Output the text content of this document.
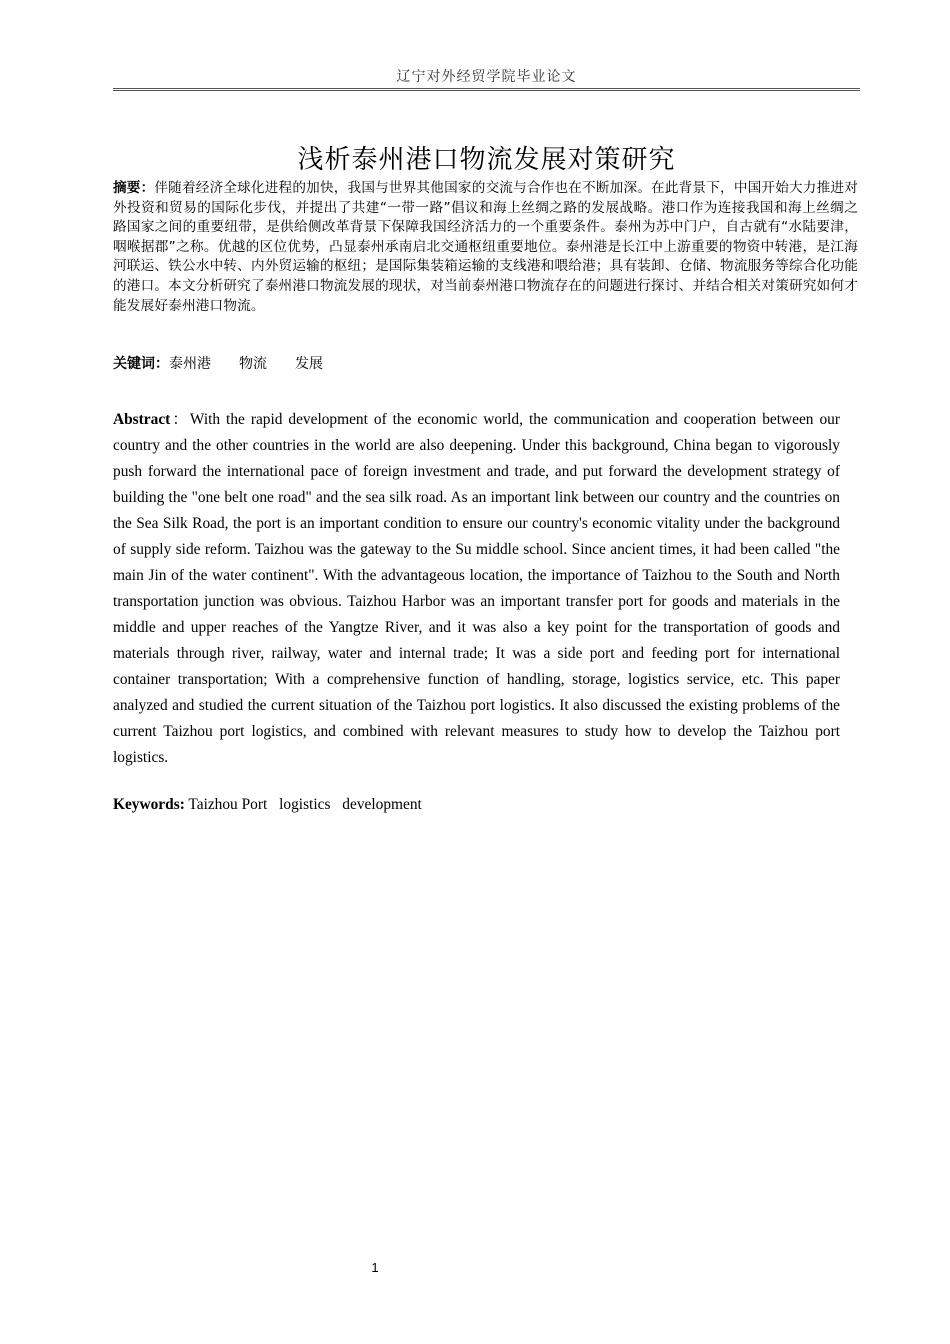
辽宁对外经贸学院毕业论文
浅析泰州港口物流发展对策研究
摘要：伴随着经济全球化进程的加快，我国与世界其他国家的交流与合作也在不断加深。在此背景下，中国开始大力推进对外投资和贸易的国际化步伐，并提出了共建“一带一路”倡议和海上丝绸之路的发展战略。港口作为连接我国和海上丝绸之路国家之间的重要纽带，是供给侧改革背景下保障我国经济活力的一个重要条件。泰州为苏中门户，自古就有“水陆要津，咽喉据郡”之称。优越的区位优势，凸显泰州承南启北交通枢纽重要地位。泰州港是长江中上游重要的物资中转港，是江海河联运、铁公水中转、内外贸运输的枢纽；是国际集装箱运输的支线港和喂给港；具有装卸、仓储、物流服务等综合化功能的港口。本文分析研究了泰州港口物流发展的现状，对当前泰州港口物流存在的问题进行探讨、并结合相关对策研究如何才能发展好泰州港口物流。
关键词：泰州港 物流 发展
Abstract：With the rapid development of the economic world, the communication and cooperation between our country and the other countries in the world are also deepening. Under this background, China began to vigorously push forward the international pace of foreign investment and trade, and put forward the development strategy of building the "one belt one road" and the sea silk road. As an important link between our country and the countries on the Sea Silk Road, the port is an important condition to ensure our country's economic vitality under the background of supply side reform. Taizhou was the gateway to the Su middle school. Since ancient times, it had been called "the main Jin of the water continent". With the advantageous location, the importance of Taizhou to the South and North transportation junction was obvious. Taizhou Harbor was an important transfer port for goods and materials in the middle and upper reaches of the Yangtze River, and it was also a key point for the transportation of goods and materials through river, railway, water and internal trade; It was a side port and feeding port for international container transportation; With a comprehensive function of handling, storage, logistics service, etc. This paper analyzed and studied the current situation of the Taizhou port logistics. It also discussed the existing problems of the current Taizhou port logistics, and combined with relevant measures to study how to develop the Taizhou port logistics.
Keywords: Taizhou Port logistics development
1
